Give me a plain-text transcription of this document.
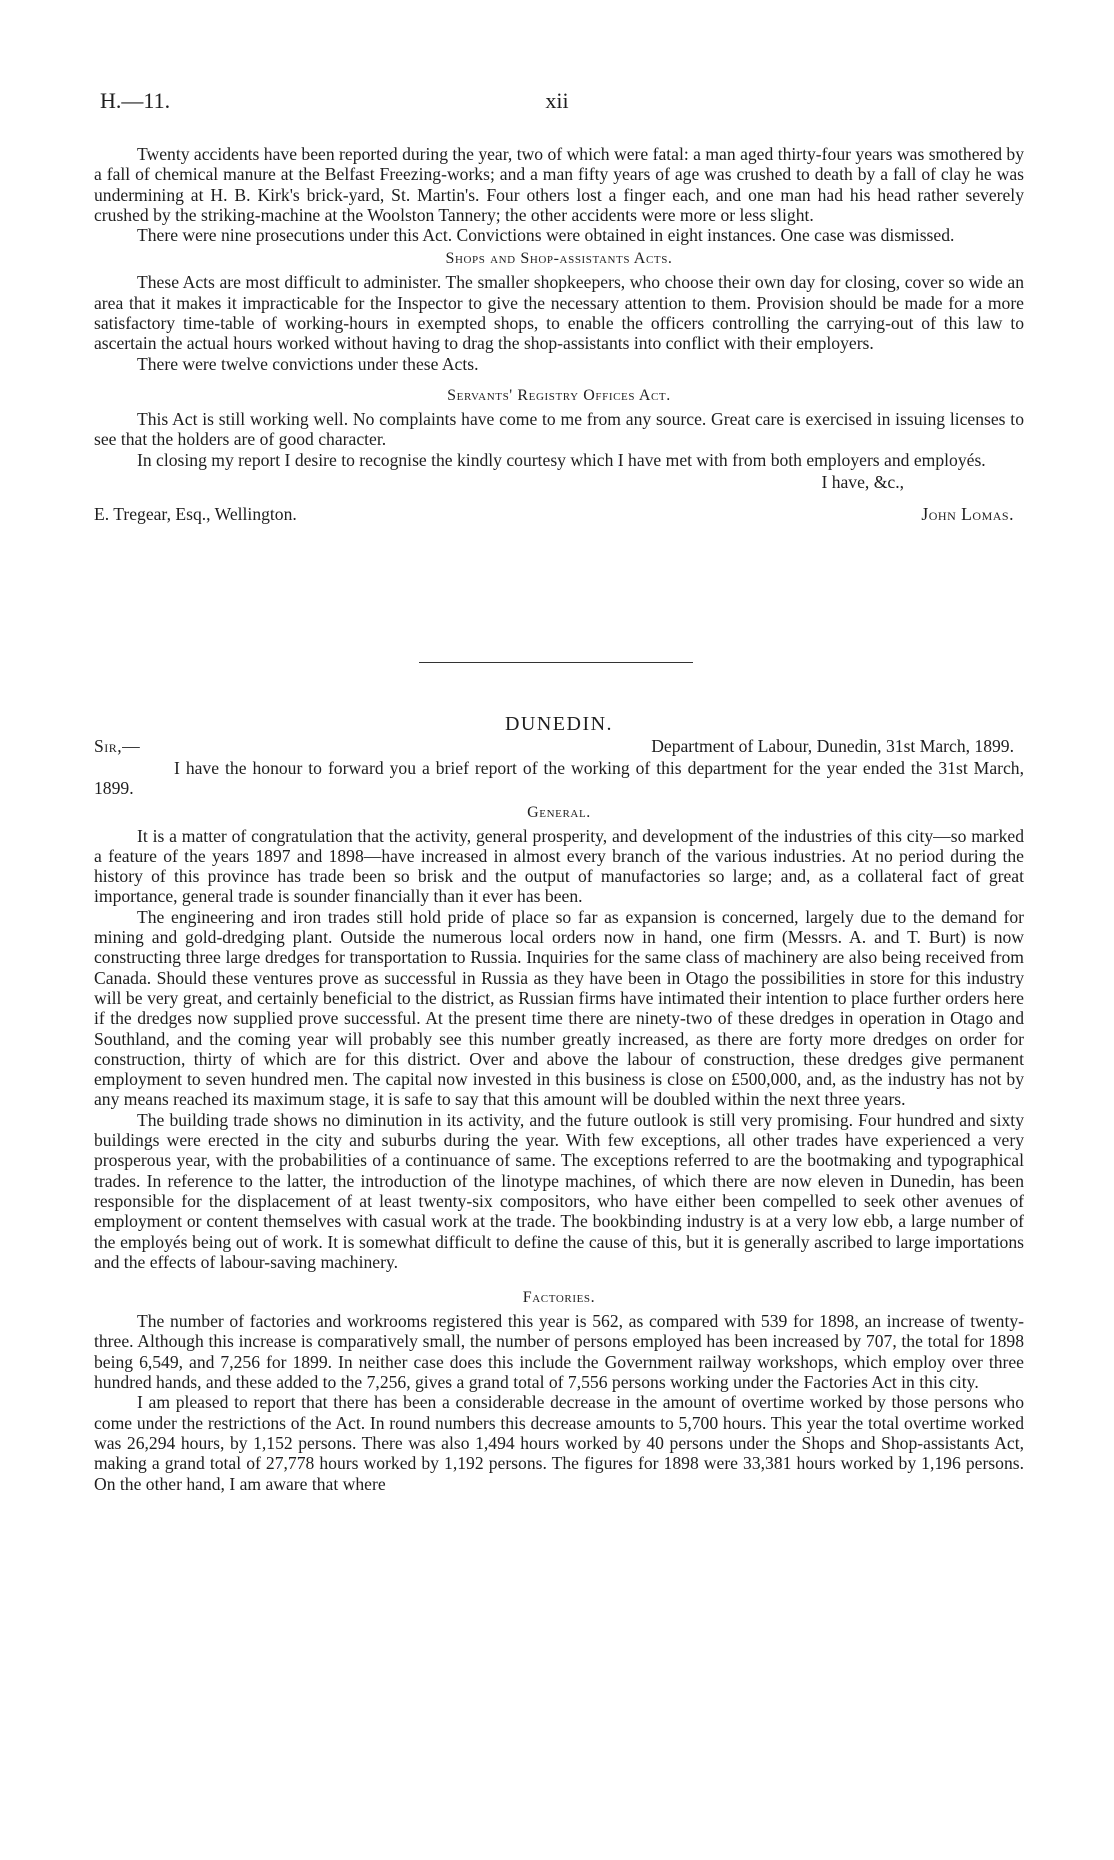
H.—11.	xii

Twenty accidents have been reported during the year, two of which were fatal: a man aged thirty-four years was smothered by a fall of chemical manure at the Belfast Freezing-works; and a man fifty years of age was crushed to death by a fall of clay he was undermining at H. B. Kirk's brick-yard, St. Martin's. Four others lost a finger each, and one man had his head rather severely crushed by the striking-machine at the Woolston Tannery; the other accidents were more or less slight.

There were nine prosecutions under this Act. Convictions were obtained in eight instances. One case was dismissed.

Shops and Shop-assistants Acts.

These Acts are most difficult to administer. The smaller shopkeepers, who choose their own day for closing, cover so wide an area that it makes it impracticable for the Inspector to give the necessary attention to them. Provision should be made for a more satisfactory time-table of working-hours in exempted shops, to enable the officers controlling the carrying-out of this law to ascertain the actual hours worked without having to drag the shop-assistants into conflict with their employers.

There were twelve convictions under these Acts.

Servants' Registry Offices Act.

This Act is still working well. No complaints have come to me from any source. Great care is exercised in issuing licenses to see that the holders are of good character.

In closing my report I desire to recognise the kindly courtesy which I have met with from both employers and employés.

I have, &c.,
E. Tregear, Esq., Wellington.	John Lomas.
DUNEDIN.
Sir,—	Department of Labour, Dunedin, 31st March, 1899.

I have the honour to forward you a brief report of the working of this department for the year ended the 31st March, 1899.

General.

It is a matter of congratulation that the activity, general prosperity, and development of the industries of this city—so marked a feature of the years 1897 and 1898—have increased in almost every branch of the various industries. At no period during the history of this province has trade been so brisk and the output of manufactories so large; and, as a collateral fact of great importance, general trade is sounder financially than it ever has been.

The engineering and iron trades still hold pride of place so far as expansion is concerned, largely due to the demand for mining and gold-dredging plant. Outside the numerous local orders now in hand, one firm (Messrs. A. and T. Burt) is now constructing three large dredges for transportation to Russia. Inquiries for the same class of machinery are also being received from Canada. Should these ventures prove as successful in Russia as they have been in Otago the possibilities in store for this industry will be very great, and certainly beneficial to the district, as Russian firms have intimated their intention to place further orders here if the dredges now supplied prove successful. At the present time there are ninety-two of these dredges in operation in Otago and Southland, and the coming year will probably see this number greatly increased, as there are forty more dredges on order for construction, thirty of which are for this district. Over and above the labour of construction, these dredges give permanent employment to seven hundred men. The capital now invested in this business is close on £500,000, and, as the industry has not by any means reached its maximum stage, it is safe to say that this amount will be doubled within the next three years.

The building trade shows no diminution in its activity, and the future outlook is still very promising. Four hundred and sixty buildings were erected in the city and suburbs during the year. With few exceptions, all other trades have experienced a very prosperous year, with the probabilities of a continuance of same. The exceptions referred to are the bootmaking and typographical trades. In reference to the latter, the introduction of the linotype machines, of which there are now eleven in Dunedin, has been responsible for the displacement of at least twenty-six compositors, who have either been compelled to seek other avenues of employment or content themselves with casual work at the trade. The bookbinding industry is at a very low ebb, a large number of the employés being out of work. It is somewhat difficult to define the cause of this, but it is generally ascribed to large importations and the effects of labour-saving machinery.

Factories.

The number of factories and workrooms registered this year is 562, as compared with 539 for 1898, an increase of twenty-three. Although this increase is comparatively small, the number of persons employed has been increased by 707, the total for 1898 being 6,549, and 7,256 for 1899. In neither case does this include the Government railway workshops, which employ over three hundred hands, and these added to the 7,256, gives a grand total of 7,556 persons working under the Factories Act in this city.

I am pleased to report that there has been a considerable decrease in the amount of overtime worked by those persons who come under the restrictions of the Act. In round numbers this decrease amounts to 5,700 hours. This year the total overtime worked was 26,294 hours, by 1,152 persons. There was also 1,494 hours worked by 40 persons under the Shops and Shop-assistants Act, making a grand total of 27,778 hours worked by 1,192 persons. The figures for 1898 were 33,381 hours worked by 1,196 persons. On the other hand, I am aware that where
